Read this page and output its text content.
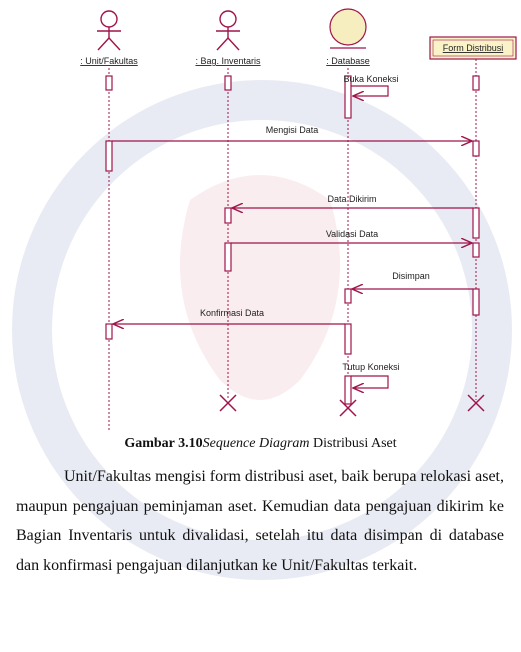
: Unit/Fakultas	: Bag. Inventaris	: Database
Form Distribusi
Buka Koneksi
Mengisi Data
Data Dikirim
Validasi Data
Disimpan
Konfirmasi Data
Tutup Koneksi
Gambar 3.10Sequence Diagram Distribusi Aset
Unit/Fakultas mengisi form distribusi aset, baik berupa relokasi aset, maupun pengajuan peminjaman aset. Kemudian data pengajuan dikirim ke Bagian Inventaris untuk divalidasi, setelah itu data disimpan di database dan konfirmasi pengajuan dilanjutkan ke Unit/Fakultas terkait.
